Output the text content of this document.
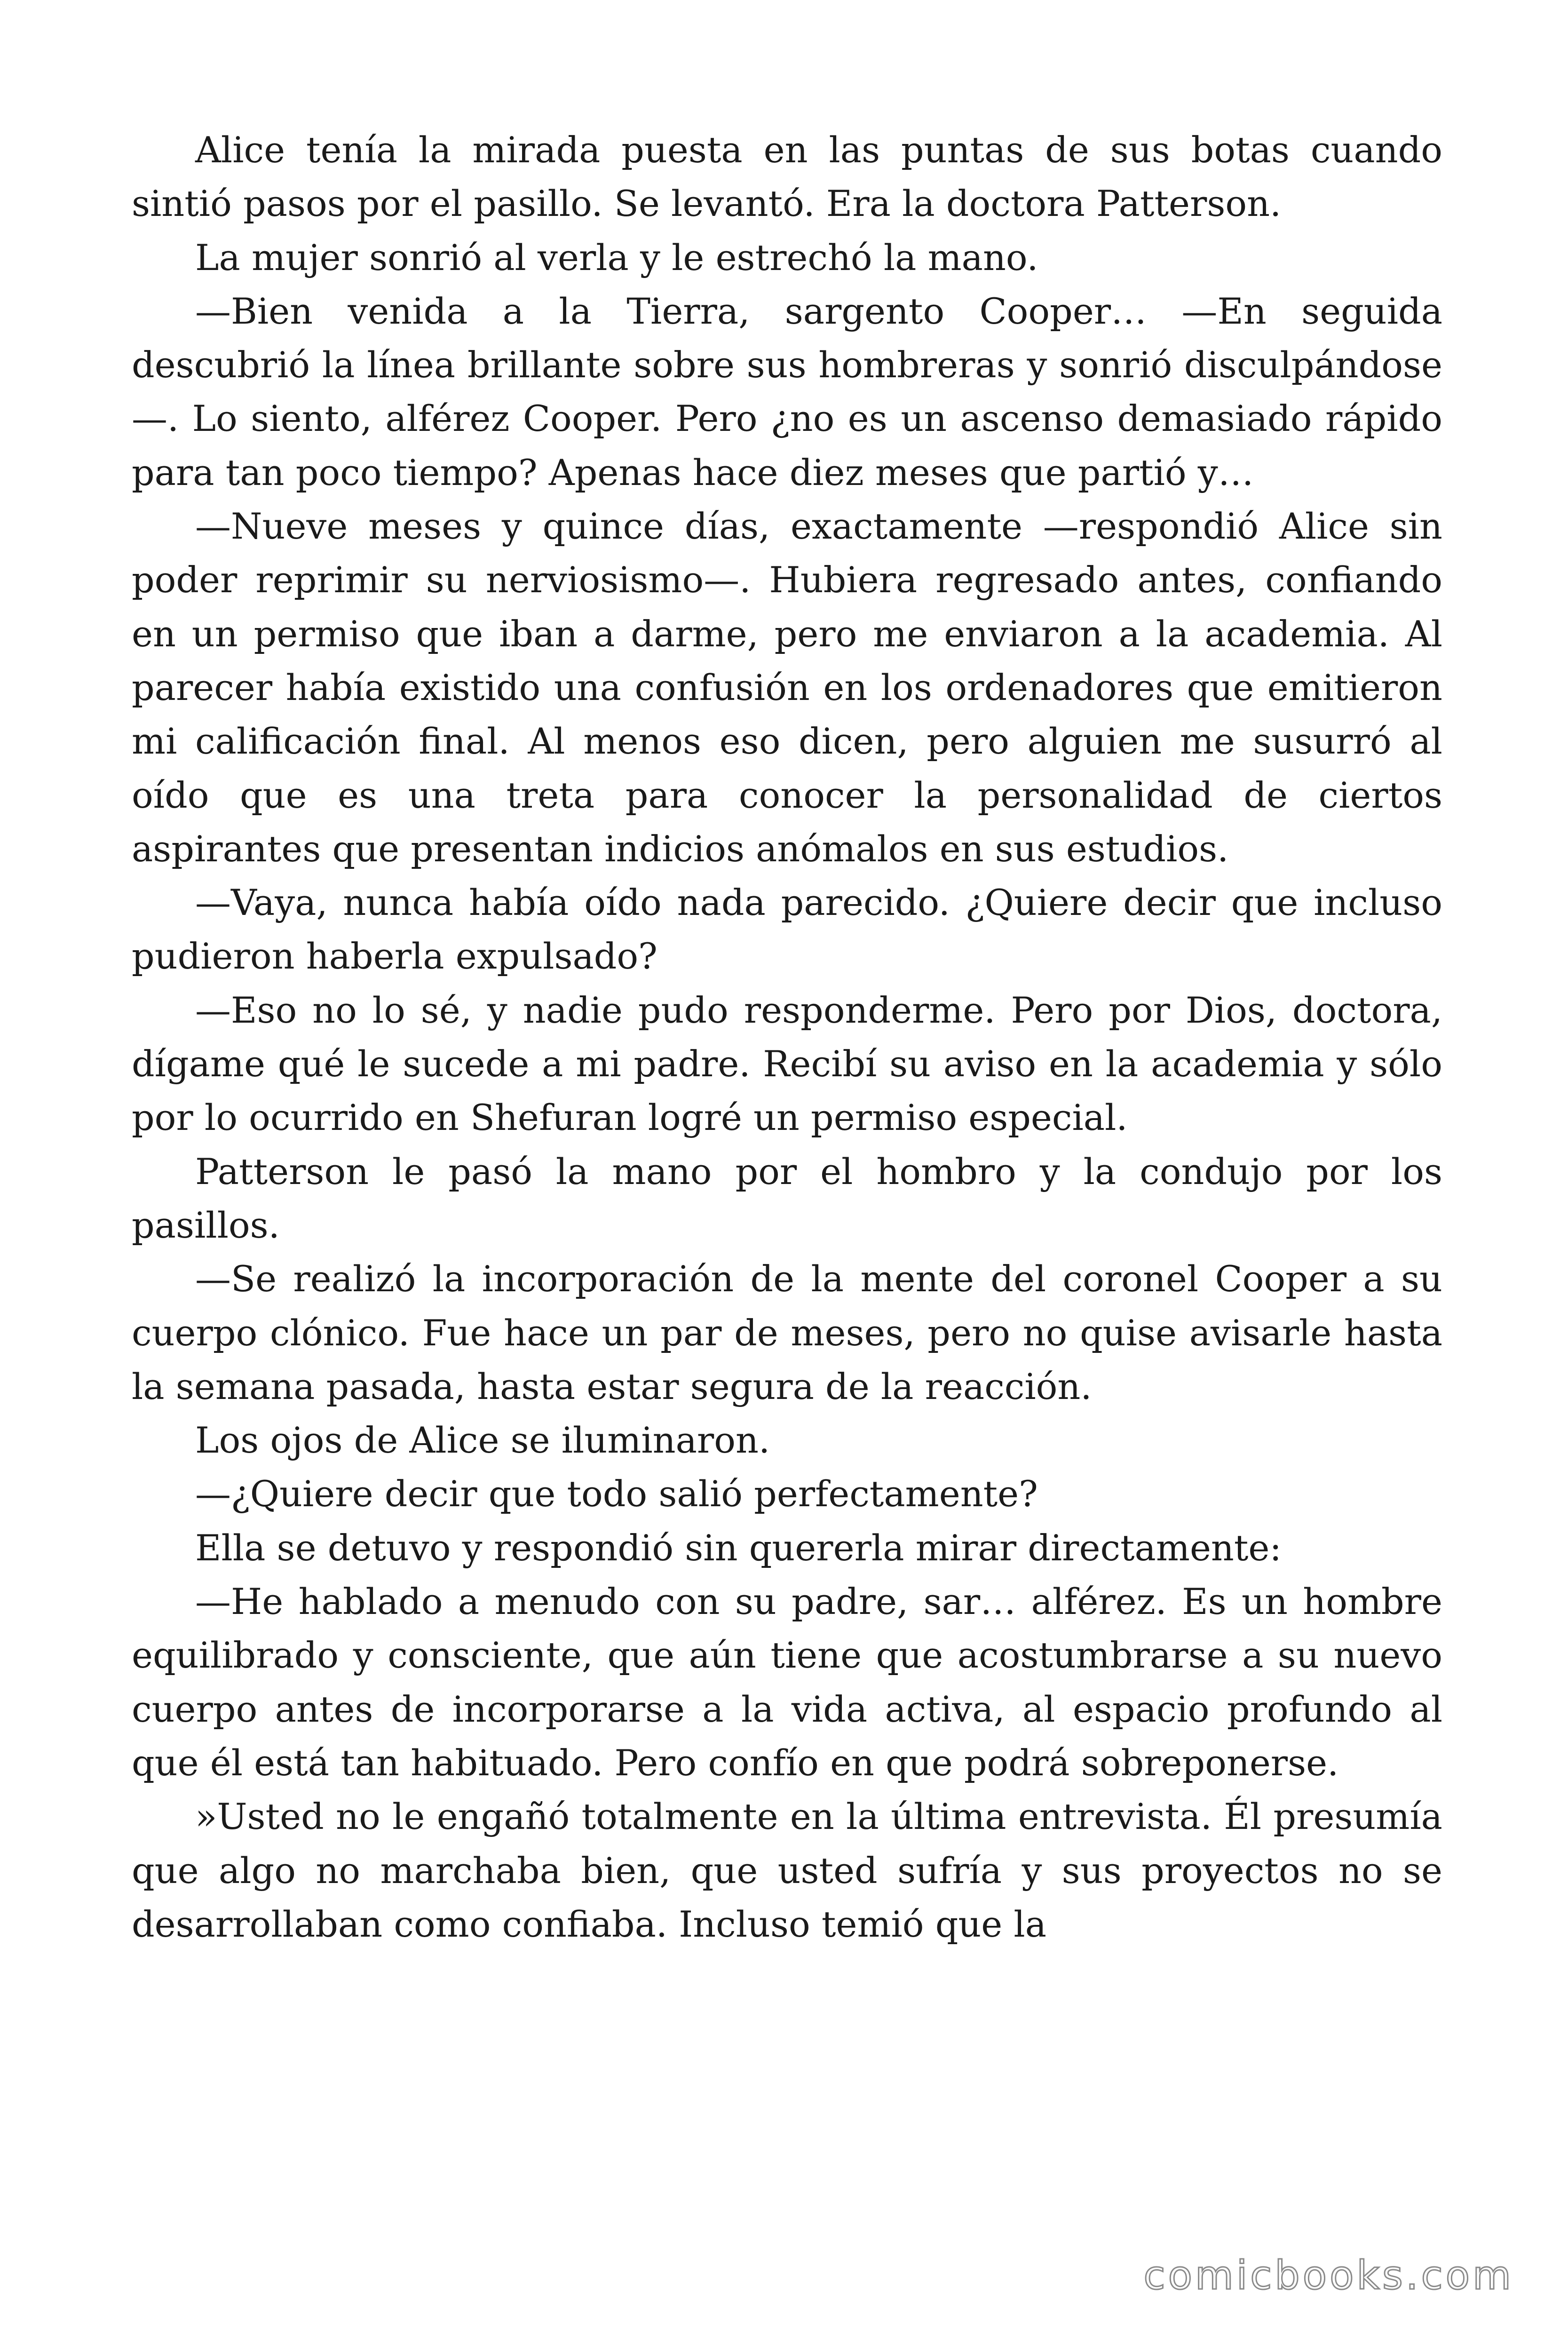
Alice tenía la mirada puesta en las puntas de sus botas cuando sintió pasos por el pasillo. Se levantó. Era la doctora Patterson.

La mujer sonrió al verla y le estrechó la mano.

—Bien venida a la Tierra, sargento Cooper… —En seguida descubrió la línea brillante sobre sus hombreras y sonrió disculpándose—. Lo siento, alférez Cooper. Pero ¿no es un ascenso demasiado rápido para tan poco tiempo? Apenas hace diez meses que partió y…

—Nueve meses y quince días, exactamente —respondió Alice sin poder reprimir su nerviosismo—. Hubiera regresado antes, confiando en un permiso que iban a darme, pero me enviaron a la academia. Al parecer había existido una confusión en los ordenadores que emitieron mi calificación final. Al menos eso dicen, pero alguien me susurró al oído que es una treta para conocer la personalidad de ciertos aspirantes que presentan indicios anómalos en sus estudios.

—Vaya, nunca había oído nada parecido. ¿Quiere decir que incluso pudieron haberla expulsado?

—Eso no lo sé, y nadie pudo responderme. Pero por Dios, doctora, dígame qué le sucede a mi padre. Recibí su aviso en la academia y sólo por lo ocurrido en Shefuran logré un permiso especial.

Patterson le pasó la mano por el hombro y la condujo por los pasillos.

—Se realizó la incorporación de la mente del coronel Cooper a su cuerpo clónico. Fue hace un par de meses, pero no quise avisarle hasta la semana pasada, hasta estar segura de la reacción.

Los ojos de Alice se iluminaron.

—¿Quiere decir que todo salió perfectamente?

Ella se detuvo y respondió sin quererla mirar directamente:

—He hablado a menudo con su padre, sar… alférez. Es un hombre equilibrado y consciente, que aún tiene que acostumbrarse a su nuevo cuerpo antes de incorporarse a la vida activa, al espacio profundo al que él está tan habituado. Pero confío en que podrá sobreponerse.

»Usted no le engañó totalmente en la última entrevista. Él presumía que algo no marchaba bien, que usted sufría y sus proyectos no se desarrollaban como confiaba. Incluso temió que la

comicbooks.com
